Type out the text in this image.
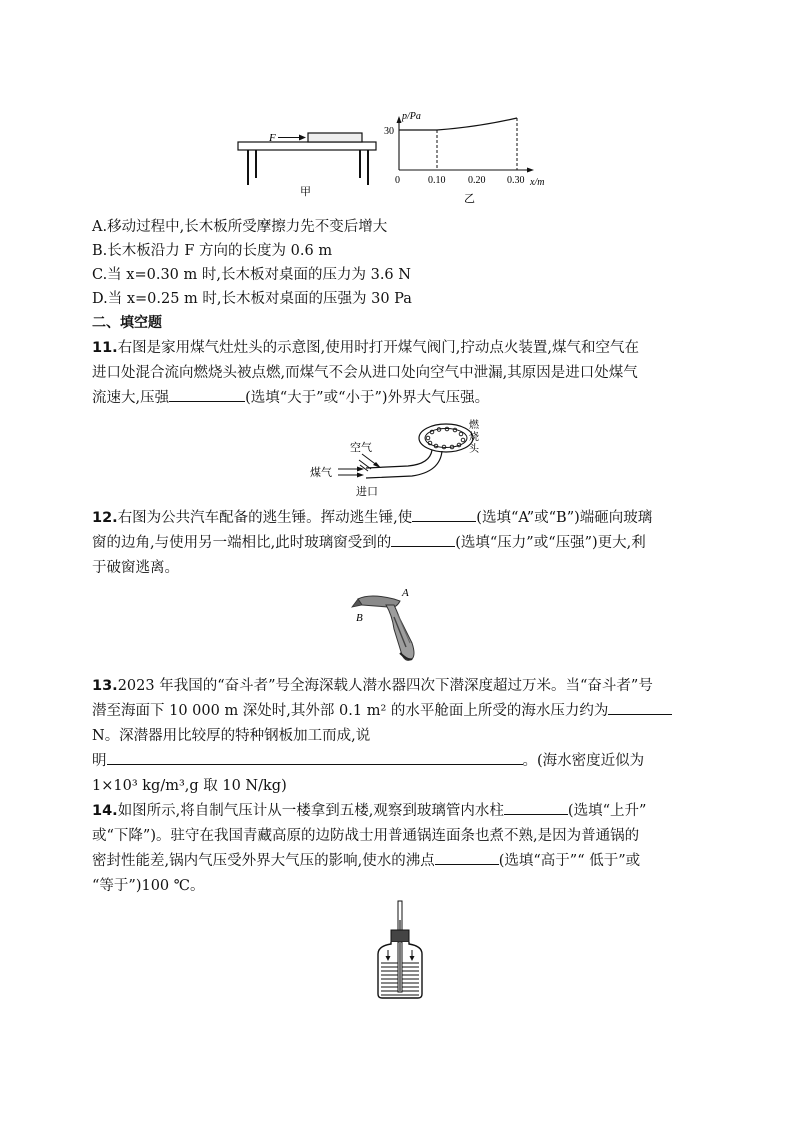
F
甲
p/Pa
30
0	0.10 0.20 0.30 x/m
乙
A.移动过程中,长木板所受摩擦力先不变后增大
B.长木板沿力 F 方向的长度为 0.6 m
C.当 x=0.30 m 时,长木板对桌面的压力为 3.6 N
D.当 x=0.25 m 时,长木板对桌面的压强为 30 Pa
二、填空题
11.右图是家用煤气灶灶头的示意图,使用时打开煤气阀门,拧动点火装置,煤气和空气在
进口处混合流向燃烧头被点燃,而煤气不会从进口处向空气中泄漏,其原因是进口处煤气
流速大,压强	(选填“大于”或“小于”)外界大气压强。
空气
煤气
进口
燃
烧
头
12.右图为公共汽车配备的逃生锤。挥动逃生锤,使	(选填“A”或“B”)端砸向玻璃
窗的边角,与使用另一端相比,此时玻璃窗受到的	(选填“压力”或“压强”)更大,利
于破窗逃离。
A
B
13.2023 年我国的“奋斗者”号全海深载人潜水器四次下潜深度超过万米。当“奋斗者”号
潜至海面下 10 000 m 深处时,其外部 0.1 m² 的水平舱面上所受的海水压力约为
N。深潜器用比较厚的特种钢板加工而成,说
明	。(海水密度近似为
1×10³ kg/m³,g 取 10 N/kg)
14.如图所示,将自制气压计从一楼拿到五楼,观察到玻璃管内水柱	(选填“上升”
或“下降”)。驻守在我国青藏高原的边防战士用普通锅连面条也煮不熟,是因为普通锅的
密封性能差,锅内气压受外界大气压的影响,使水的沸点	(选填“高于”“ 低于”或
“等于”)100 ℃。
